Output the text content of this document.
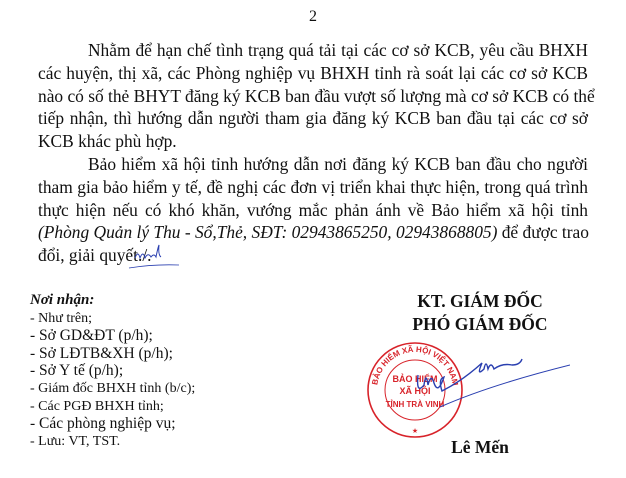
2
Nhằm để hạn chế tình trạng quá tải tại các cơ sở KCB, yêu cầu BHXH
các huyện, thị xã, các Phòng nghiệp vụ BHXH tỉnh rà soát lại các cơ sở KCB
nào có số thẻ BHYT đăng ký KCB ban đầu vượt số lượng mà cơ sở KCB có thể
tiếp nhận, thì hướng dẫn người tham gia đăng ký KCB ban đầu tại các cơ sở
KCB khác phù hợp.
Bảo hiểm xã hội tỉnh hướng dẫn nơi đăng ký KCB ban đầu cho người
tham gia bảo hiểm y tế, đề nghị các đơn vị triển khai thực hiện, trong quá trình
thực hiện nếu có khó khăn, vướng mắc phản ánh về Bảo hiểm xã hội tỉnh
(Phòng Quản lý Thu - Sổ,Thẻ, SĐT: 02943865250, 02943868805) để được trao
đổi, giải quyết./.
Nơi nhận:
- Như trên;
- Sở GD&ĐT (p/h);
- Sở LĐTB&XH (p/h);
- Sở Y tế (p/h);
- Giám đốc BHXH tỉnh (b/c);
- Các PGĐ BHXH tỉnh;
- Các phòng nghiệp vụ;
- Lưu: VT, TST.
KT. GIÁM ĐỐC
PHÓ GIÁM ĐỐC
BẢO HIỂM XÃ HỘI VIỆT NAM
BẢO HIỂM
XÃ HỘI
TỈNH TRÀ VINH
★
Lê Mến
